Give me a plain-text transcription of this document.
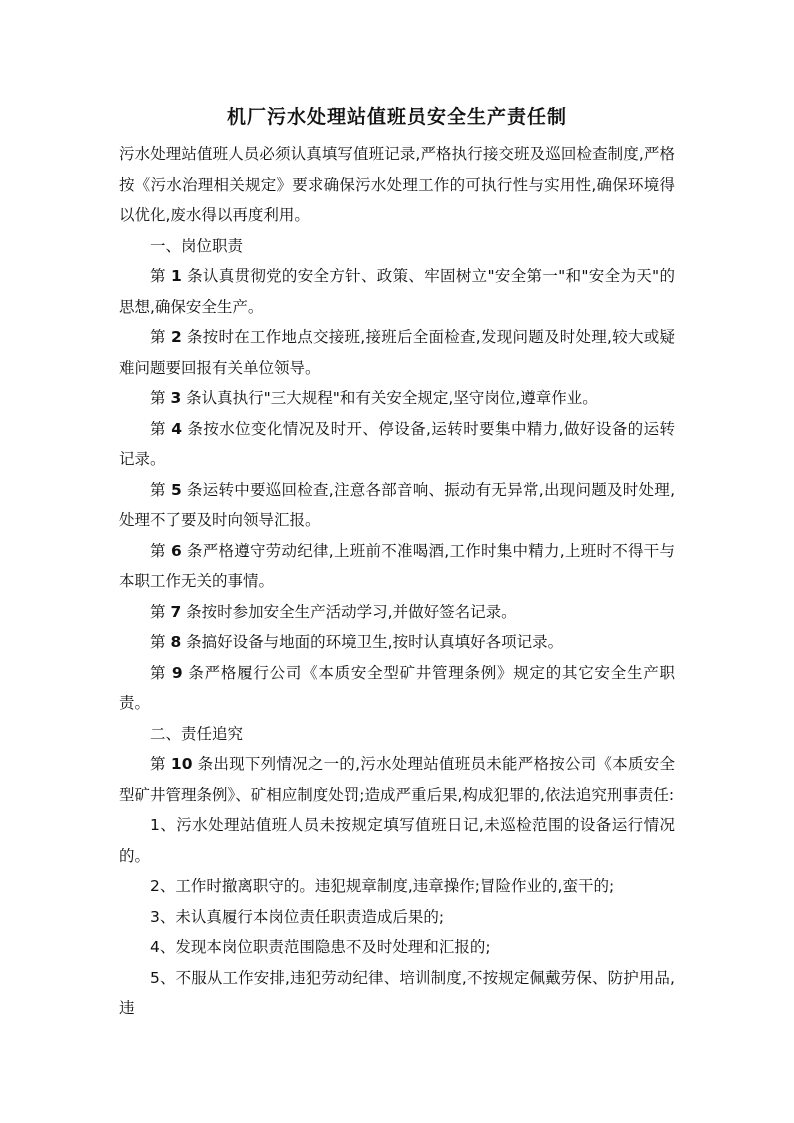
机厂污水处理站值班员安全生产责任制

污水处理站值班人员必须认真填写值班记录,严格执行接交班及巡回检查制度,严格按《污水治理相关规定》要求确保污水处理工作的可执行性与实用性,确保环境得以优化,废水得以再度利用。

一、岗位职责

第 1 条认真贯彻党的安全方针、政策、牢固树立"安全第一"和"安全为天"的思想,确保安全生产。

第 2 条按时在工作地点交接班,接班后全面检查,发现问题及时处理,较大或疑难问题要回报有关单位领导。

第 3 条认真执行"三大规程"和有关安全规定,坚守岗位,遵章作业。

第 4 条按水位变化情况及时开、停设备,运转时要集中精力,做好设备的运转记录。

第 5 条运转中要巡回检查,注意各部音响、振动有无异常,出现问题及时处理,处理不了要及时向领导汇报。

第 6 条严格遵守劳动纪律,上班前不准喝酒,工作时集中精力,上班时不得干与本职工作无关的事情。

第 7 条按时参加安全生产活动学习,并做好签名记录。

第 8 条搞好设备与地面的环境卫生,按时认真填好各项记录。

第 9 条严格履行公司《本质安全型矿井管理条例》规定的其它安全生产职责。

二、责任追究

第 10 条出现下列情况之一的,污水处理站值班员未能严格按公司《本质安全型矿井管理条例》、矿相应制度处罚;造成严重后果,构成犯罪的,依法追究刑事责任:

1、污水处理站值班人员未按规定填写值班日记,未巡检范围的设备运行情况的。

2、工作时撤离职守的。违犯规章制度,违章操作;冒险作业的,蛮干的;

3、未认真履行本岗位责任职责造成后果的;

4、发现本岗位职责范围隐患不及时处理和汇报的;

5、不服从工作安排,违犯劳动纪律、培训制度,不按规定佩戴劳保、防护用品,违
